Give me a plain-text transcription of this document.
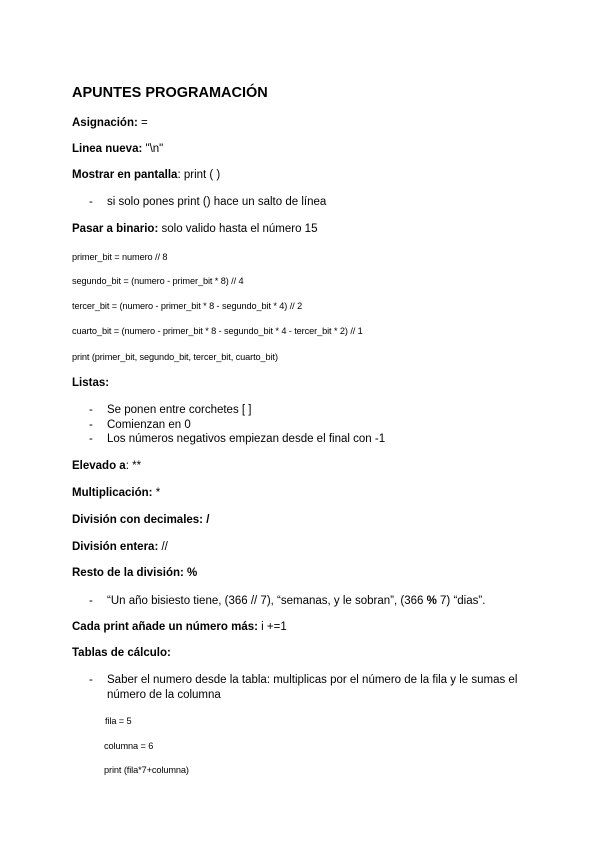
APUNTES PROGRAMACIÓN
Asignación: =
Linea nueva: "\n"
Mostrar en pantalla: print ( )
- si solo pones print () hace un salto de línea
Pasar a binario: solo valido hasta el número 15
primer_bit = numero // 8
segundo_bit = (numero - primer_bit * 8) // 4
tercer_bit = (numero - primer_bit * 8 - segundo_bit * 4) // 2
cuarto_bit = (numero - primer_bit * 8 - segundo_bit * 4 - tercer_bit * 2) // 1
print (primer_bit, segundo_bit, tercer_bit, cuarto_bit)
Listas:
- Se ponen entre corchetes [ ]
- Comienzan en 0
- Los números negativos empiezan desde el final con -1
Elevado a: **
Multiplicación: *
División con decimales: /
División entera: //
Resto de la división: %
- “Un año bisiesto tiene, (366 // 7), “semanas, y le sobran”, (366 % 7) “dias”.
Cada print añade un número más: i +=1
Tablas de cálculo:
- Saber el numero desde la tabla: multiplicas por el número de la fila y le sumas el
número de la columna
fila = 5
columna = 6
print (fila*7+columna)
